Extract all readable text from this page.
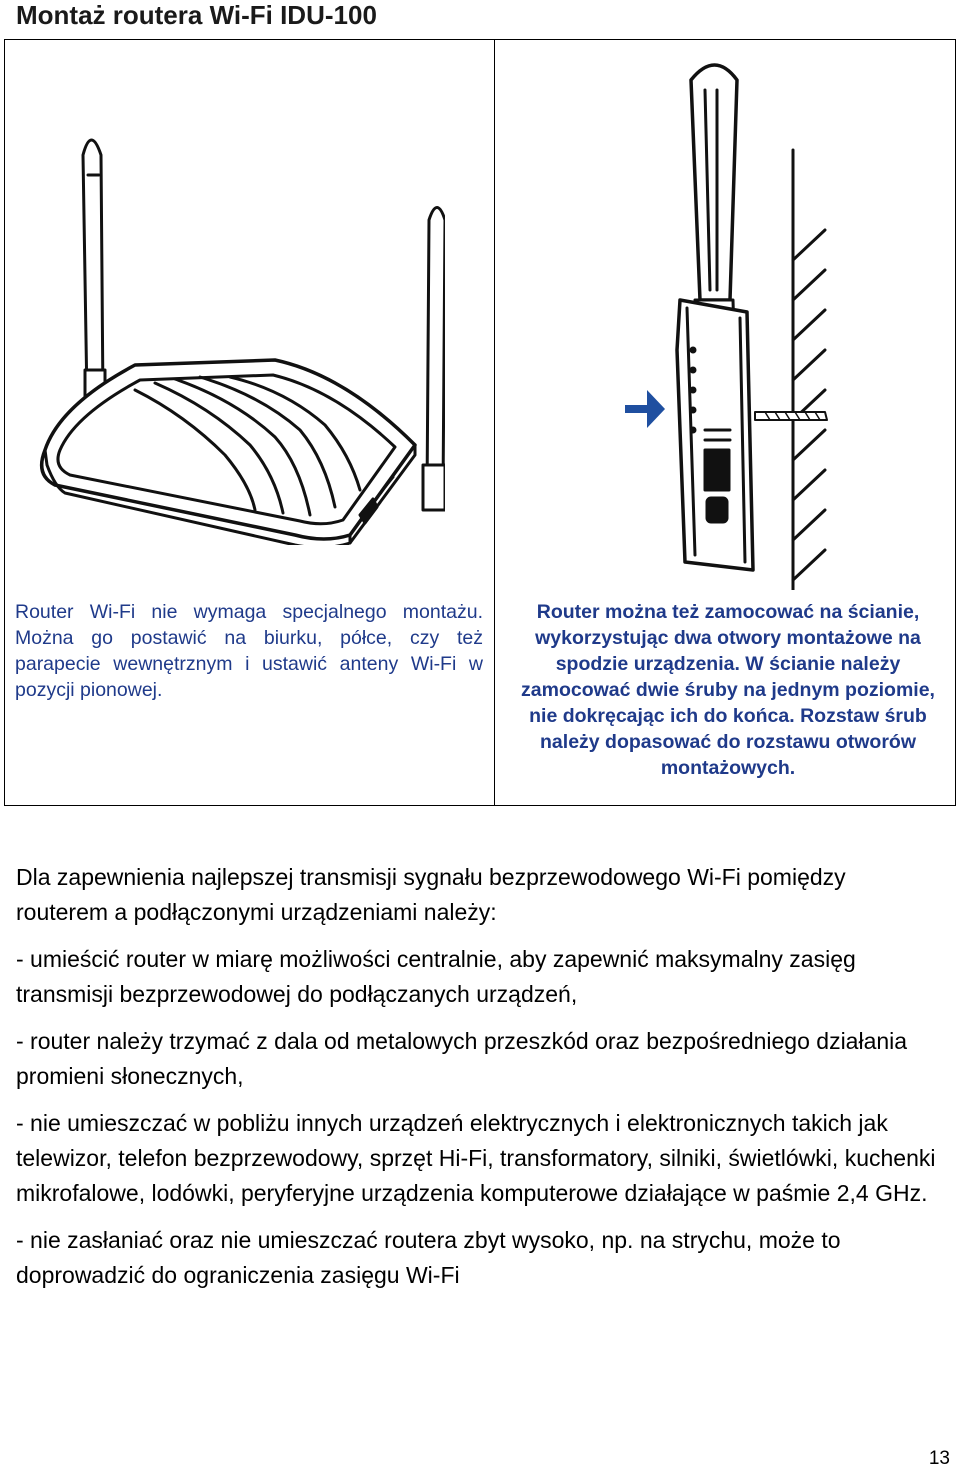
Montaż routera Wi-Fi IDU-100
Router Wi-Fi nie wymaga specjalnego montażu. Można go postawić na biurku, półce, czy też parapecie wewnętrznym i ustawić anteny Wi-Fi w pozycji pionowej.
Router można też zamocować na ścianie, wykorzystując dwa otwory montażowe na spodzie urządzenia. W ścianie należy zamocować dwie śruby na jednym poziomie, nie dokręcając ich do końca. Rozstaw śrub należy dopasować do rozstawu otworów montażowych.

Dla zapewnienia najlepszej transmisji sygnału bezprzewodowego Wi-Fi pomiędzy routerem a podłączonymi urządzeniami należy:

- umieścić router w miarę możliwości centralnie, aby zapewnić maksymalny zasięg transmisji bezprzewodowej do podłączanych urządzeń,

- router należy trzymać z dala od metalowych przeszkód oraz bezpośredniego działania promieni słonecznych,

- nie umieszczać w pobliżu innych urządzeń elektrycznych i elektronicznych takich jak telewizor, telefon bezprzewodowy, sprzęt Hi-Fi, transformatory, silniki, świetlówki, kuchenki mikrofalowe, lodówki, peryferyjne urządzenia komputerowe działające w paśmie 2,4 GHz.

- nie zasłaniać oraz nie umieszczać routera zbyt wysoko, np. na strychu, może to doprowadzić do ograniczenia zasięgu Wi-Fi

13
